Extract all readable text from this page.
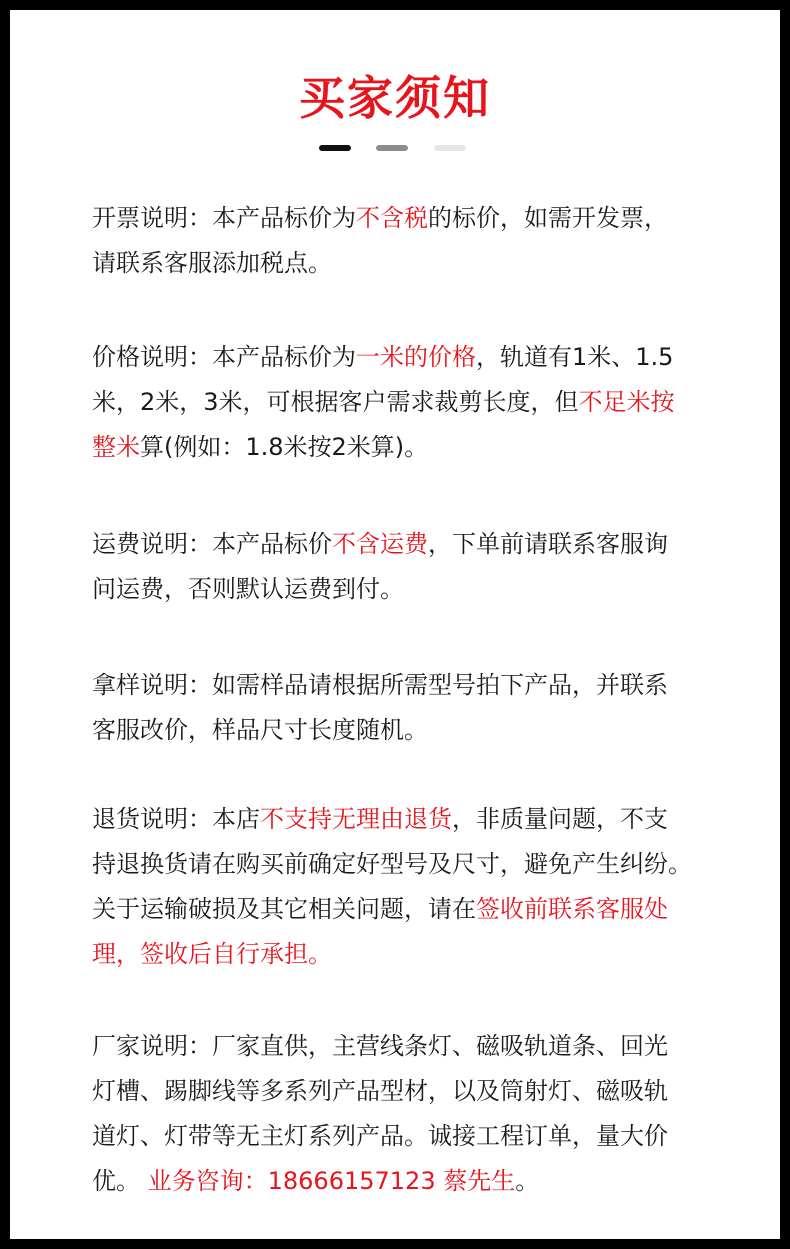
买家须知
开票说明：本产品标价为不含税的标价，如需开发票，
请联系客服添加税点。
价格说明：本产品标价为一米的价格，轨道有1米、1.5
米，2米，3米，可根据客户需求裁剪长度，但不足米按
整米算(例如：1.8米按2米算)。
运费说明：本产品标价不含运费，下单前请联系客服询
问运费，否则默认运费到付。
拿样说明：如需样品请根据所需型号拍下产品，并联系
客服改价，样品尺寸长度随机。
退货说明：本店不支持无理由退货，非质量问题，不支
持退换货请在购买前确定好型号及尺寸，避免产生纠纷。
关于运输破损及其它相关问题，请在签收前联系客服处
理，签收后自行承担。
厂家说明：厂家直供，主营线条灯、磁吸轨道条、回光
灯槽、踢脚线等多系列产品型材，以及筒射灯、磁吸轨
道灯、灯带等无主灯系列产品。诚接工程订单，量大价
优。 业务咨询：18666157123 蔡先生。
